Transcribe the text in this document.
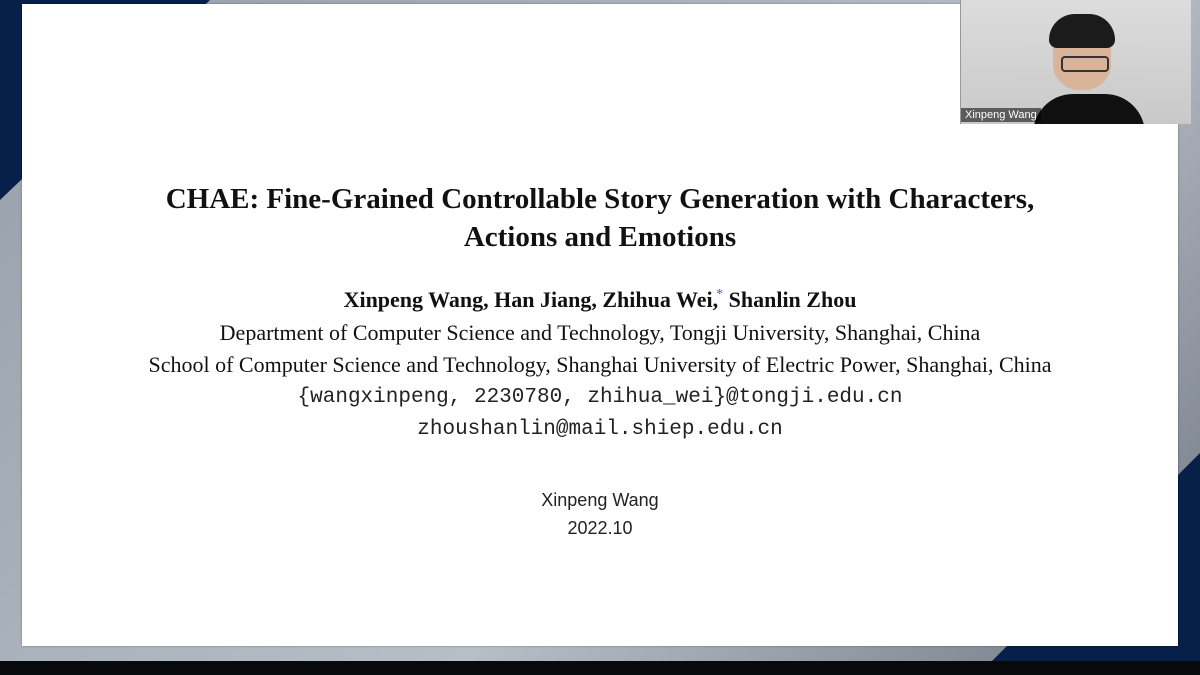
CHAE: Fine-Grained Controllable Story Generation with Characters,
Actions and Emotions
Xinpeng Wang, Han Jiang, Zhihua Wei,* Shanlin Zhou
Department of Computer Science and Technology, Tongji University, Shanghai, China
School of Computer Science and Technology, Shanghai University of Electric Power, Shanghai, China
{wangxinpeng, 2230780, zhihua_wei}@tongji.edu.cn
zhoushanlin@mail.shiep.edu.cn
Xinpeng Wang
2022.10
Xinpeng Wang
